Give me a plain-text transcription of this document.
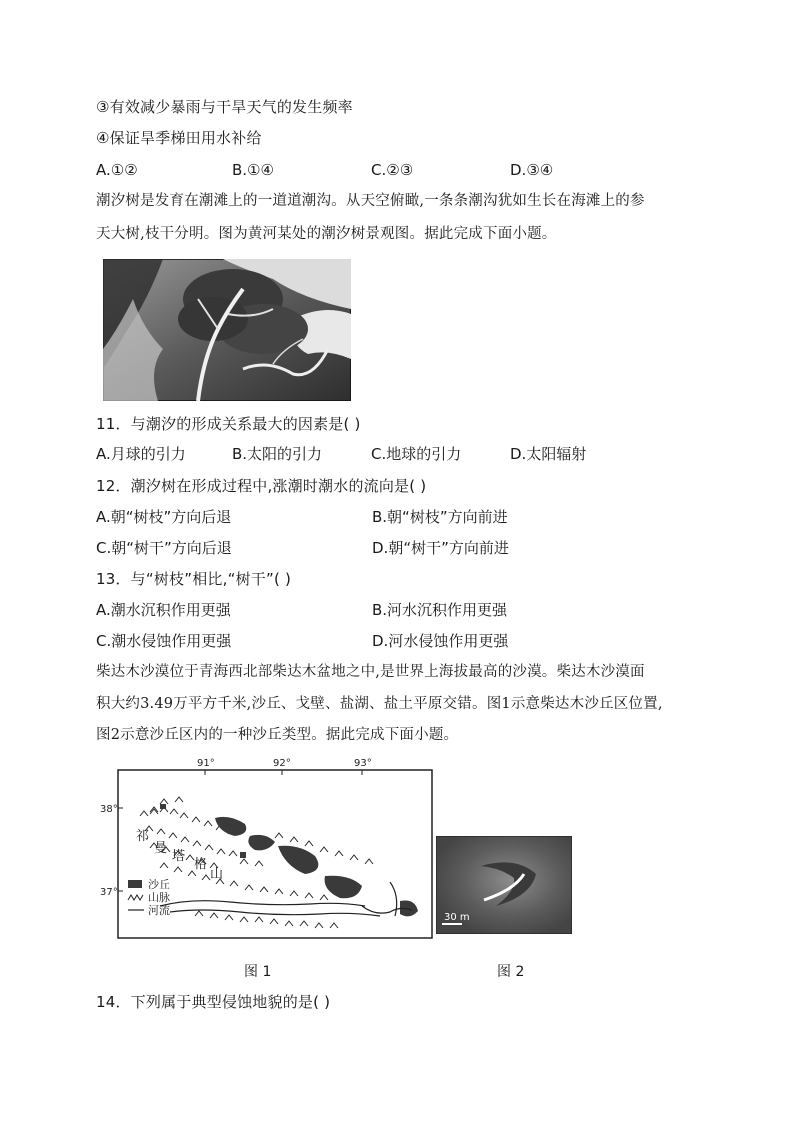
③有效减少暴雨与干旱天气的发生频率
④保证旱季梯田用水补给
A.①②	B.①④	C.②③	D.③④
潮汐树是发育在潮滩上的一道道潮沟。从天空俯瞰,一条条潮沟犹如生长在海滩上的参
天大树,枝干分明。图为黄河某处的潮汐树景观图。据此完成下面小题。
11．与潮汐的形成关系最大的因素是( )
A.月球的引力	B.太阳的引力	C.地球的引力	D.太阳辐射
12．潮汐树在形成过程中,涨潮时潮水的流向是( )
A.朝“树枝”方向后退	B.朝“树枝”方向前进
C.朝“树干”方向后退	D.朝“树干”方向前进
13．与“树枝”相比,“树干”( )
A.潮水沉积作用更强	B.河水沉积作用更强
C.潮水侵蚀作用更强	D.河水侵蚀作用更强
柴达木沙漠位于青海西北部柴达木盆地之中,是世界上海拔最高的沙漠。柴达木沙漠面
积大约3.49万平方千米,沙丘、戈壁、盐湖、盐土平原交错。图1示意柴达木沙丘区位置,
图2示意沙丘区内的一种沙丘类型。据此完成下面小题。
91°	92°	93°
38°
37°
祁
曼
塔
格
山
沙丘
山脉
河流
图 1
30 m
图 2
14．下列属于典型侵蚀地貌的是( )
